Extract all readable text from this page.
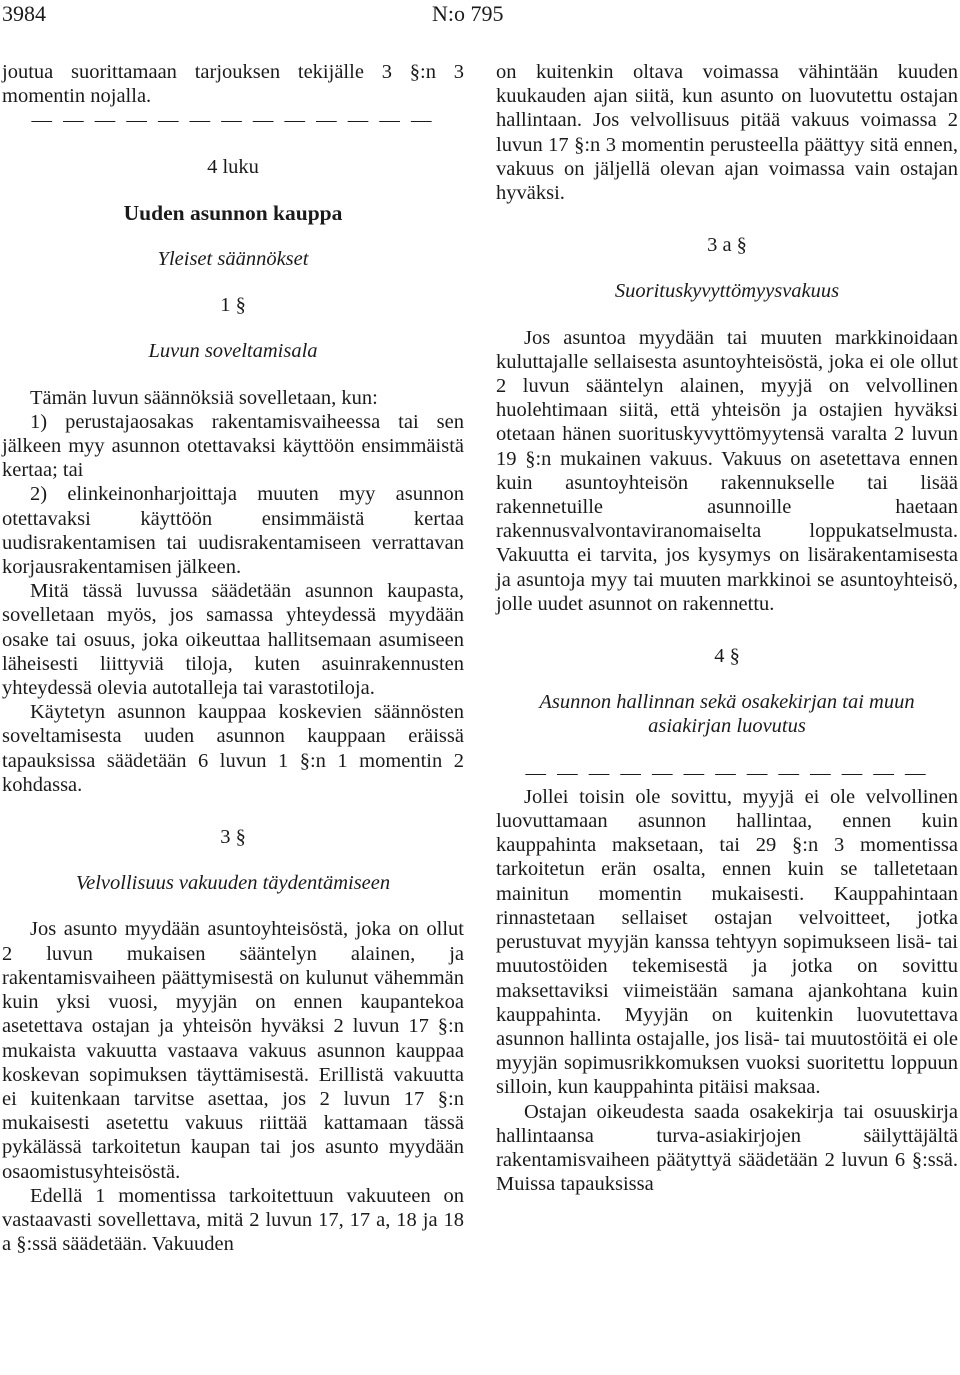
3984	N:o 795

joutua suorittamaan tarjouksen tekijälle 3 §:n 3 momentin nojalla.

— — — — — — — — — — — — —

4 luku

Uuden asunnon kauppa

Yleiset säännökset

1 §

Luvun soveltamisala

Tämän luvun säännöksiä sovelletaan, kun:

1) perustajaosakas rakentamisvaiheessa tai sen jälkeen myy asunnon otettavaksi käyttöön ensimmäistä kertaa; tai

2) elinkeinonharjoittaja muuten myy asunnon otettavaksi käyttöön ensimmäistä kertaa uudisrakentamisen tai uudisrakentamiseen verrattavan korjausrakentamisen jälkeen.

Mitä tässä luvussa säädetään asunnon kaupasta, sovelletaan myös, jos samassa yhteydessä myydään osake tai osuus, joka oikeuttaa hallitsemaan asumiseen läheisesti liittyviä tiloja, kuten asuinrakennusten yhteydessä olevia autotalleja tai varastotiloja.

Käytetyn asunnon kauppaa koskevien säännösten soveltamisesta uuden asunnon kauppaan eräissä tapauksissa säädetään 6 luvun 1 §:n 1 momentin 2 kohdassa.

3 §

Velvollisuus vakuuden täydentämiseen

Jos asunto myydään asuntoyhteisöstä, joka on ollut 2 luvun mukaisen sääntelyn alainen, ja rakentamisvaiheen päättymisestä on kulunut vähemmän kuin yksi vuosi, myyjän on ennen kaupantekoa asetettava ostajan ja yhteisön hyväksi 2 luvun 17 §:n mukaista vakuutta vastaava vakuus asunnon kauppaa koskevan sopimuksen täyttämisestä. Erillistä vakuutta ei kuitenkaan tarvitse asettaa, jos 2 luvun 17 §:n mukaisesti asetettu vakuus riittää kattamaan tässä pykälässä tarkoitetun kaupan tai jos asunto myydään osaomistusyhteisöstä.

Edellä 1 momentissa tarkoitettuun vakuuteen on vastaavasti sovellettava, mitä 2 luvun 17, 17 a, 18 ja 18 a §:ssä säädetään. Vakuuden

on kuitenkin oltava voimassa vähintään kuuden kuukauden ajan siitä, kun asunto on luovutettu ostajan hallintaan. Jos velvollisuus pitää vakuus voimassa 2 luvun 17 §:n 3 momentin perusteella päättyy sitä ennen, vakuus on jäljellä olevan ajan voimassa vain ostajan hyväksi.

3 a §

Suorituskyvyttömyysvakuus

Jos asuntoa myydään tai muuten markkinoidaan kuluttajalle sellaisesta asuntoyhteisöstä, joka ei ole ollut 2 luvun sääntelyn alainen, myyjä on velvollinen huolehtimaan siitä, että yhteisön ja ostajien hyväksi otetaan hänen suorituskyvyttömyytensä varalta 2 luvun 19 §:n mukainen vakuus. Vakuus on asetettava ennen kuin asuntoyhteisön rakennukselle tai lisää rakennetuille asunnoille haetaan rakennusvalvontaviranomaiselta loppukatselmusta. Vakuutta ei tarvita, jos kysymys on lisärakentamisesta ja asuntoja myy tai muuten markkinoi se asuntoyhteisö, jolle uudet asunnot on rakennettu.

4 §

Asunnon hallinnan sekä osakekirjan tai muun asiakirjan luovutus

— — — — — — — — — — — — —

Jollei toisin ole sovittu, myyjä ei ole velvollinen luovuttamaan asunnon hallintaa, ennen kuin kauppahinta maksetaan, tai 29 §:n 3 momentissa tarkoitetun erän osalta, ennen kuin se talletetaan mainitun momentin mukaisesti. Kauppahintaan rinnastetaan sellaiset ostajan velvoitteet, jotka perustuvat myyjän kanssa tehtyyn sopimukseen lisä- tai muutostöiden tekemisestä ja jotka on sovittu maksettaviksi viimeistään samana ajankohtana kuin kauppahinta. Myyjän on kuitenkin luovutettava asunnon hallinta ostajalle, jos lisä- tai muutostöitä ei ole myyjän sopimusrikkomuksen vuoksi suoritettu loppuun silloin, kun kauppahinta pitäisi maksaa.

Ostajan oikeudesta saada osakekirja tai osuuskirja hallintaansa turva-asiakirjojen säilyttäjältä rakentamisvaiheen päätyttyä säädetään 2 luvun 6 §:ssä. Muissa tapauksissa
